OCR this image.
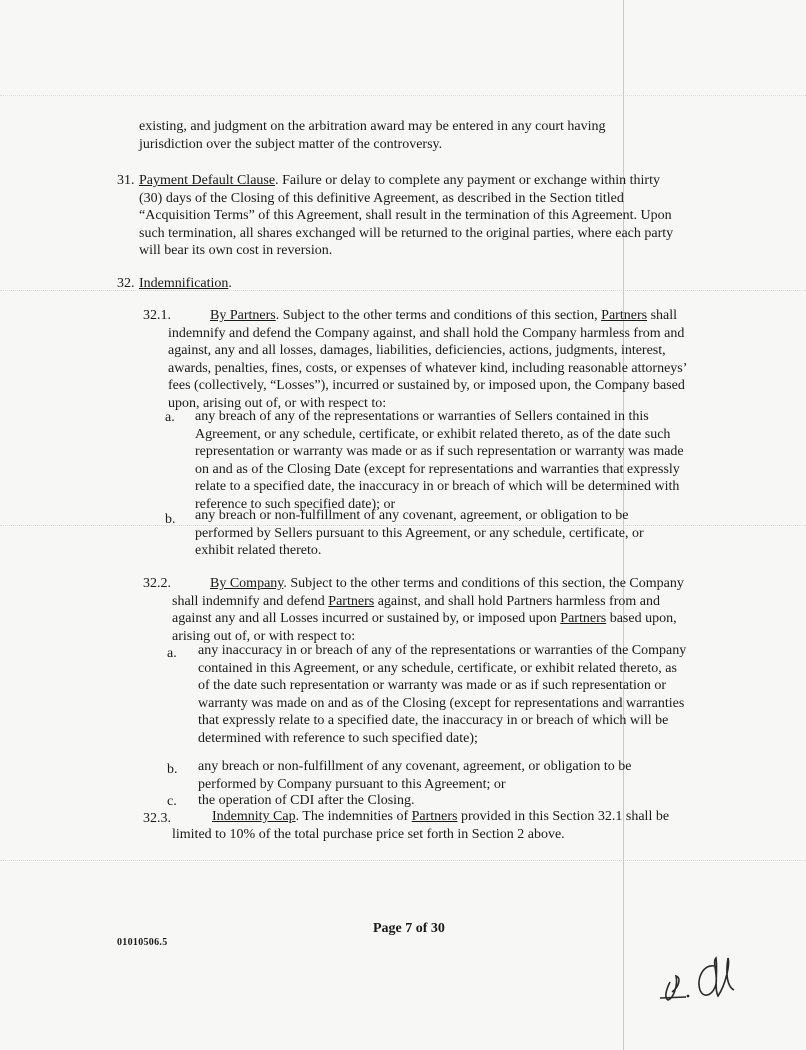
existing, and judgment on the arbitration award may be entered in any court having jurisdiction over the subject matter of the controversy.
31. Payment Default Clause. Failure or delay to complete any payment or exchange within thirty (30) days of the Closing of this definitive Agreement, as described in the Section titled “Acquisition Terms” of this Agreement, shall result in the termination of this Agreement. Upon such termination, all shares exchanged will be returned to the original parties, where each party will bear its own cost in reversion.
32. Indemnification.
32.1.	By Partners. Subject to the other terms and conditions of this section, Partners shall indemnify and defend the Company against, and shall hold the Company harmless from and against, any and all losses, damages, liabilities, deficiencies, actions, judgments, interest, awards, penalties, fines, costs, or expenses of whatever kind, including reasonable attorneys’ fees (collectively, “Losses”), incurred or sustained by, or imposed upon, the Company based upon, arising out of, or with respect to:
a. any breach of any of the representations or warranties of Sellers contained in this Agreement, or any schedule, certificate, or exhibit related thereto, as of the date such representation or warranty was made or as if such representation or warranty was made on and as of the Closing Date (except for representations and warranties that expressly relate to a specified date, the inaccuracy in or breach of which will be determined with reference to such specified date); or
b. any breach or non-fulfillment of any covenant, agreement, or obligation to be performed by Sellers pursuant to this Agreement, or any schedule, certificate, or exhibit related thereto.
32.2.	By Company. Subject to the other terms and conditions of this section, the Company shall indemnify and defend Partners against, and shall hold Partners harmless from and against any and all Losses incurred or sustained by, or imposed upon Partners based upon, arising out of, or with respect to:
a. any inaccuracy in or breach of any of the representations or warranties of the Company contained in this Agreement, or any schedule, certificate, or exhibit related thereto, as of the date such representation or warranty was made or as if such representation or warranty was made on and as of the Closing (except for representations and warranties that expressly relate to a specified date, the inaccuracy in or breach of which will be determined with reference to such specified date);
b. any breach or non-fulfillment of any covenant, agreement, or obligation to be performed by Company pursuant to this Agreement; or
c. the operation of CDI after the Closing.
32.3.	Indemnity Cap. The indemnities of Partners provided in this Section 32.1 shall be limited to 10% of the total purchase price set forth in Section 2 above.
Page 7 of 30
01010506.5
